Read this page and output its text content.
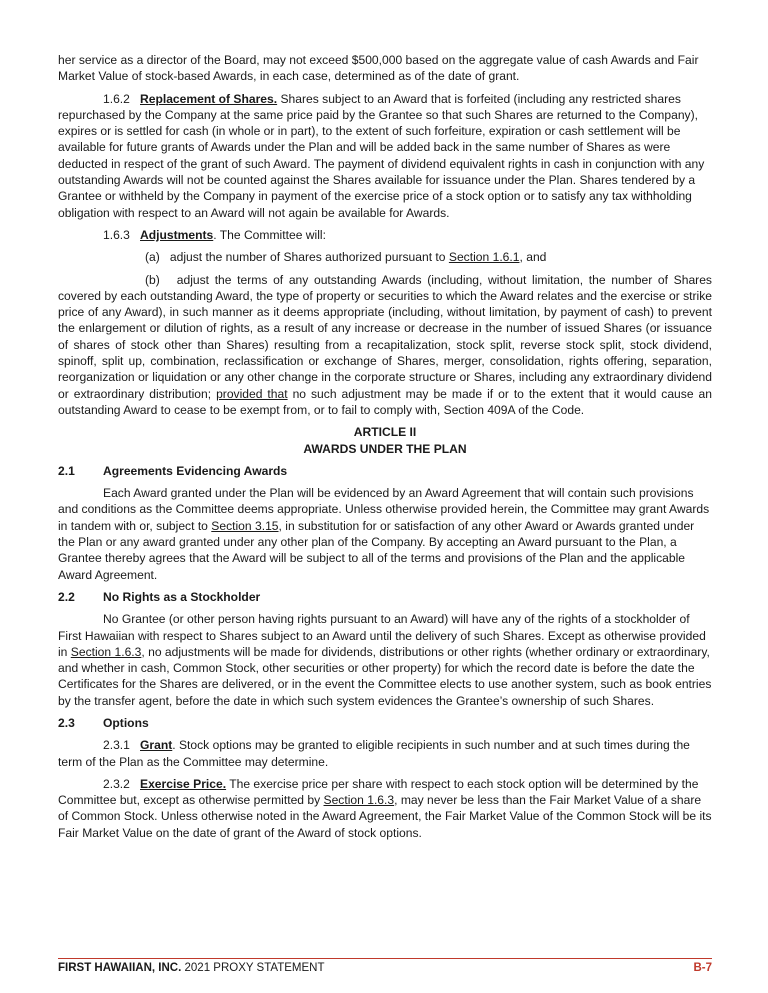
her service as a director of the Board, may not exceed $500,000 based on the aggregate value of cash Awards and Fair Market Value of stock-based Awards, in each case, determined as of the date of grant.

1.6.2 Replacement of Shares. Shares subject to an Award that is forfeited (including any restricted shares repurchased by the Company at the same price paid by the Grantee so that such Shares are returned to the Company), expires or is settled for cash (in whole or in part), to the extent of such forfeiture, expiration or cash settlement will be available for future grants of Awards under the Plan and will be added back in the same number of Shares as were deducted in respect of the grant of such Award. The payment of dividend equivalent rights in cash in conjunction with any outstanding Awards will not be counted against the Shares available for issuance under the Plan. Shares tendered by a Grantee or withheld by the Company in payment of the exercise price of a stock option or to satisfy any tax withholding obligation with respect to an Award will not again be available for Awards.

1.6.3 Adjustments. The Committee will:

(a) adjust the number of Shares authorized pursuant to Section 1.6.1, and

(b) adjust the terms of any outstanding Awards (including, without limitation, the number of Shares covered by each outstanding Award, the type of property or securities to which the Award relates and the exercise or strike price of any Award), in such manner as it deems appropriate (including, without limitation, by payment of cash) to prevent the enlargement or dilution of rights, as a result of any increase or decrease in the number of issued Shares (or issuance of shares of stock other than Shares) resulting from a recapitalization, stock split, reverse stock split, stock dividend, spinoff, split up, combination, reclassification or exchange of Shares, merger, consolidation, rights offering, separation, reorganization or liquidation or any other change in the corporate structure or Shares, including any extraordinary dividend or extraordinary distribution; provided that no such adjustment may be made if or to the extent that it would cause an outstanding Award to cease to be exempt from, or to fail to comply with, Section 409A of the Code.

ARTICLE II
AWARDS UNDER THE PLAN
2.1	Agreements Evidencing Awards

Each Award granted under the Plan will be evidenced by an Award Agreement that will contain such provisions and conditions as the Committee deems appropriate. Unless otherwise provided herein, the Committee may grant Awards in tandem with or, subject to Section 3.15, in substitution for or satisfaction of any other Award or Awards granted under the Plan or any award granted under any other plan of the Company. By accepting an Award pursuant to the Plan, a Grantee thereby agrees that the Award will be subject to all of the terms and provisions of the Plan and the applicable Award Agreement.

2.2	No Rights as a Stockholder

No Grantee (or other person having rights pursuant to an Award) will have any of the rights of a stockholder of First Hawaiian with respect to Shares subject to an Award until the delivery of such Shares. Except as otherwise provided in Section 1.6.3, no adjustments will be made for dividends, distributions or other rights (whether ordinary or extraordinary, and whether in cash, Common Stock, other securities or other property) for which the record date is before the date the Certificates for the Shares are delivered, or in the event the Committee elects to use another system, such as book entries by the transfer agent, before the date in which such system evidences the Grantee’s ownership of such Shares.

2.3	Options

2.3.1 Grant. Stock options may be granted to eligible recipients in such number and at such times during the term of the Plan as the Committee may determine.

2.3.2 Exercise Price. The exercise price per share with respect to each stock option will be determined by the Committee but, except as otherwise permitted by Section 1.6.3, may never be less than the Fair Market Value of a share of Common Stock. Unless otherwise noted in the Award Agreement, the Fair Market Value of the Common Stock will be its Fair Market Value on the date of grant of the Award of stock options.

FIRST HAWAIIAN, INC. 2021 PROXY STATEMENT	B-7
